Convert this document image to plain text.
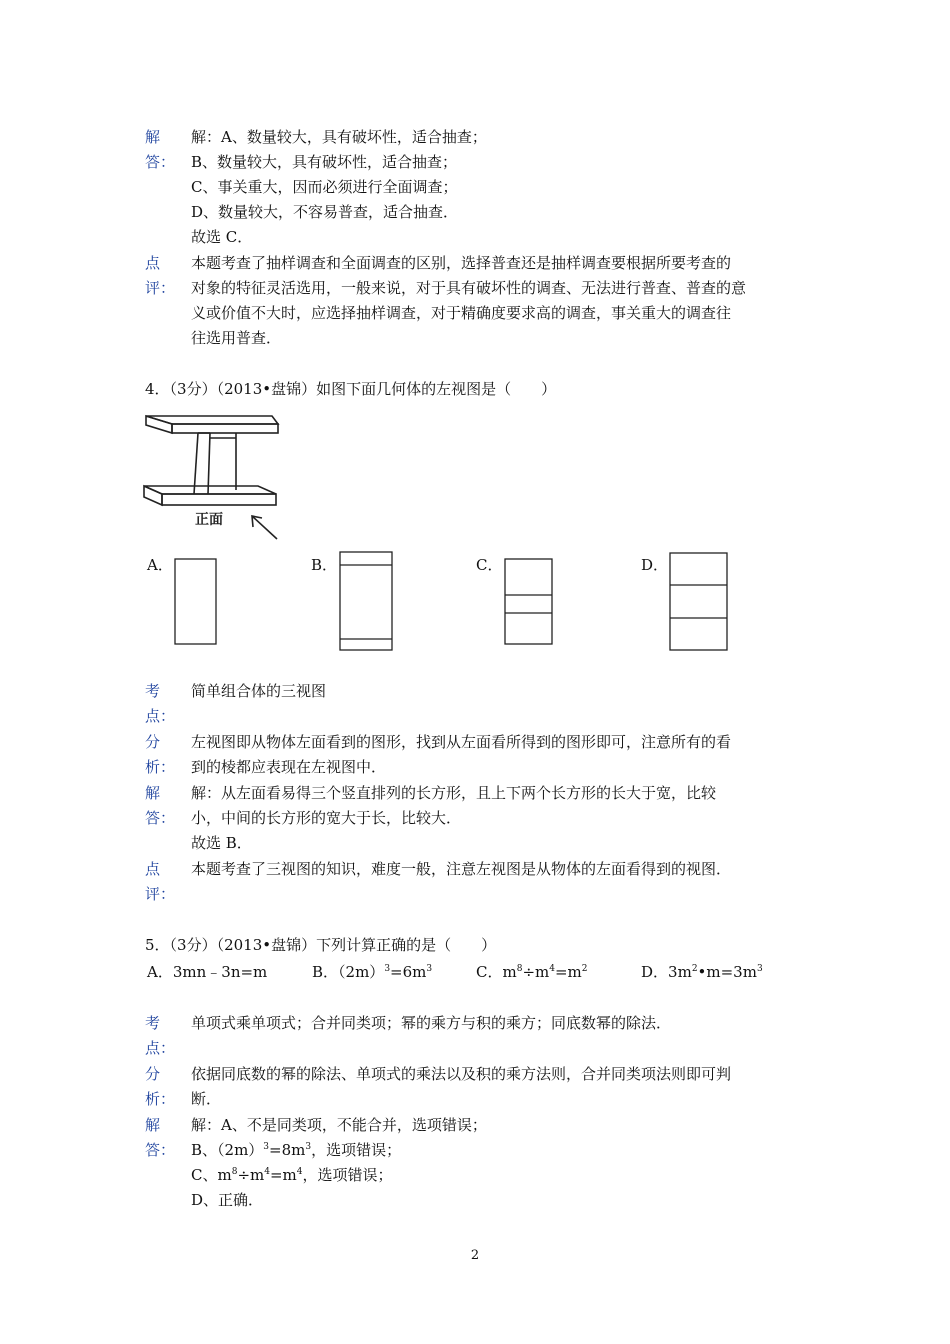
解
答：

解：A、数量较大，具有破坏性，适合抽查；

B、数量较大，具有破坏性，适合抽查；

C、事关重大，因而必须进行全面调查；

D、数量较大，不容易普查，适合抽查．

故选 C．

点
评：

本题考查了抽样调查和全面调查的区别，选择普查还是抽样调查要根据所要考查的

对象的特征灵活选用，一般来说，对于具有破坏性的调查、无法进行普查、普查的意

义或价值不大时，应选择抽样调查，对于精确度要求高的调查，事关重大的调查往

往选用普查．

4．（3分）（2013•盘锦）如图下面几何体的左视图是（　　）
正面
A．	B．	C．	D．
考
点：

简单组合体的三视图

分
析：

左视图即从物体左面看到的图形，找到从左面看所得到的图形即可，注意所有的看

到的棱都应表现在左视图中．

解
答：

解：从左面看易得三个竖直排列的长方形，且上下两个长方形的长大于宽，比较

小，中间的长方形的宽大于长，比较大．

故选 B．

点
评：

本题考查了三视图的知识，难度一般，注意左视图是从物体的左面看得到的视图．

5．（3分）（2013•盘锦）下列计算正确的是（　　）
A．3mn﹣3n=m	B．$(2m)^3=6m^3$	C．$m^8\div m^4=m^2$	D．$3m^2•m=3m^3$
考
点：

单项式乘单项式；合并同类项；幂的乘方与积的乘方；同底数幂的除法．

分
析：

依据同底数的幂的除法、单项式的乘法以及积的乘方法则，合并同类项法则即可判

断．

解
答：

解：A、不是同类项，不能合并，选项错误；

B、$(2m)^3=8m^3$，选项错误；

C、$m^8\div m^4=m^4$，选项错误；

D、正确．

2
